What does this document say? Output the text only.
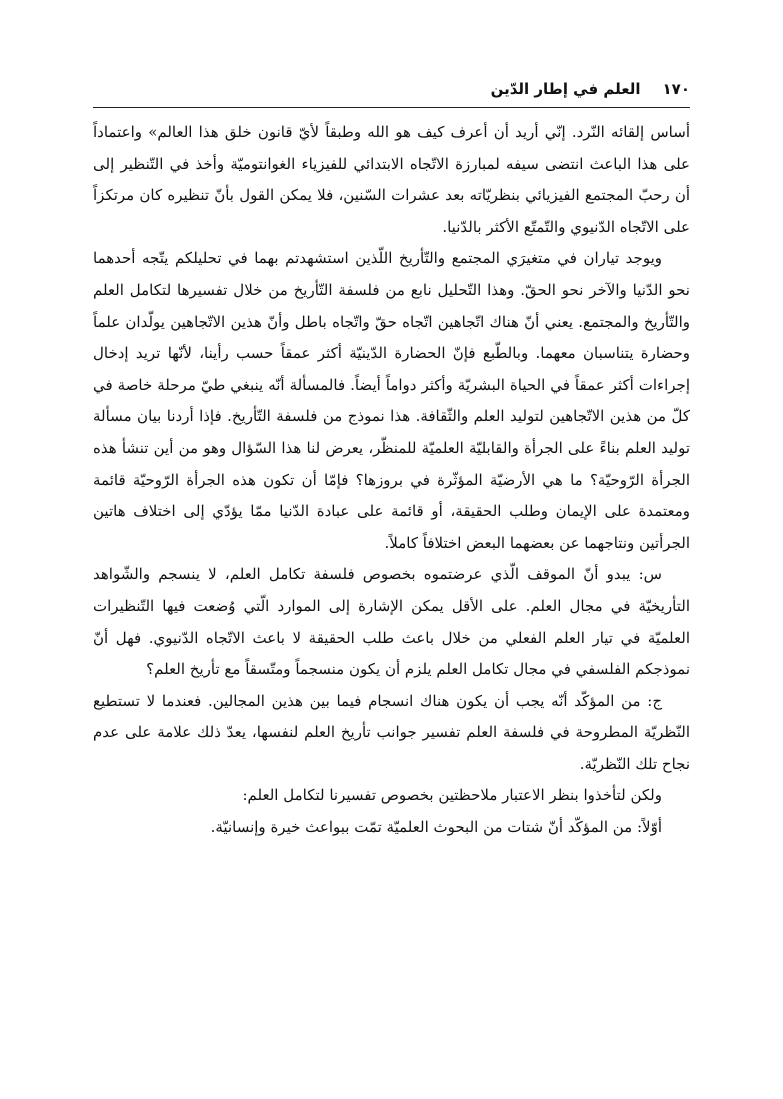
١٧٠
العلم في إطار الدّين

أساس إلقائه النّرد. إنّي أريد أن أعرف كيف هو الله وطبقاً لأيّ قانون خلق هذا العالم» واعتماداً على هذا الباعث انتضى سيفه لمبارزة الاتّجاه الابتدائي للفيزياء الغوانتوميّة وأخذ في التّنظير إلى أن رحبّ المجتمع الفيزيائي بنظريّاته بعد عشرات السّنين، فلا يمكن القول بأنّ تنظيره كان مرتكزاً على الاتّجاه الدّنيوي والتّمتّع الأكثر بالدّنيا.

ويوجد تياران في متغيرَي المجتمع والتّأريخ اللّذين استشهدتم بهما في تحليلكم يتّجه أحدهما نحو الدّنيا والآخر نحو الحقّ. وهذا التّحليل نابع من فلسفة التّأريخ من خلال تفسيرها لتكامل العلم والتّأريخ والمجتمع. يعني أنّ هناك اتّجاهين اتّجاه حقّ واتّجاه باطل وأنّ هذين الاتّجاهين يولّدان علماً وحضارة يتناسبان معهما. وبالطّبع فإنّ الحضارة الدّينيّة أكثر عمقاً حسب رأينا، لأنّها تريد إدخال إجراءات أكثر عمقاً في الحياة البشريّة وأكثر دواماً أيضاً. فالمسألة أنّه ينبغي طيّ مرحلة خاصة في كلّ من هذين الاتّجاهين لتوليد العلم والثّقافة. هذا نموذج من فلسفة التّأريخ. فإذا أردنا بيان مسألة توليد العلم بناءً على الجرأة والقابليّة العلميّة للمنظّر، يعرض لنا هذا السّؤال وهو من أين تنشأ هذه الجرأة الرّوحيّة؟ ما هي الأرضيّة المؤثّرة في بروزها؟ فإمّا أن تكون هذه الجرأة الرّوحيّة قائمة ومعتمدة على الإيمان وطلب الحقيقة، أو قائمة على عبادة الدّنيا ممّا يؤدّي إلى اختلاف هاتين الجرأتين ونتاجهما عن بعضهما البعض اختلافاً كاملاً.

س: يبدو أنّ الموقف الّذي عرضتموه بخصوص فلسفة تكامل العلم، لا ينسجم والشّواهد التأريخيّة في مجال العلم. على الأقل يمكن الإشارة إلى الموارد الّتي وُضعت فيها التّنظيرات العلميّة في تيار العلم الفعلي من خلال باعث طلب الحقيقة لا باعث الاتّجاه الدّنيوي. فهل أنّ نموذجكم الفلسفي في مجال تكامل العلم يلزم أن يكون منسجماً ومتّسقاً مع تأريخ العلم؟

ج: من المؤكّد أنّه يجب أن يكون هناك انسجام فيما بين هذين المجالين. فعندما لا تستطيع النّظريّة المطروحة في فلسفة العلم تفسير جوانب تأريخ العلم لنفسها، يعدّ ذلك علامة على عدم نجاح تلك النّظريّة.

ولكن لتأخذوا بنظر الاعتبار ملاحظتين بخصوص تفسيرنا لتكامل العلم:

أوّلاً: من المؤكّد أنّ شتات من البحوث العلميّة تمّت ببواعث خيرة وإنسانيّة.
